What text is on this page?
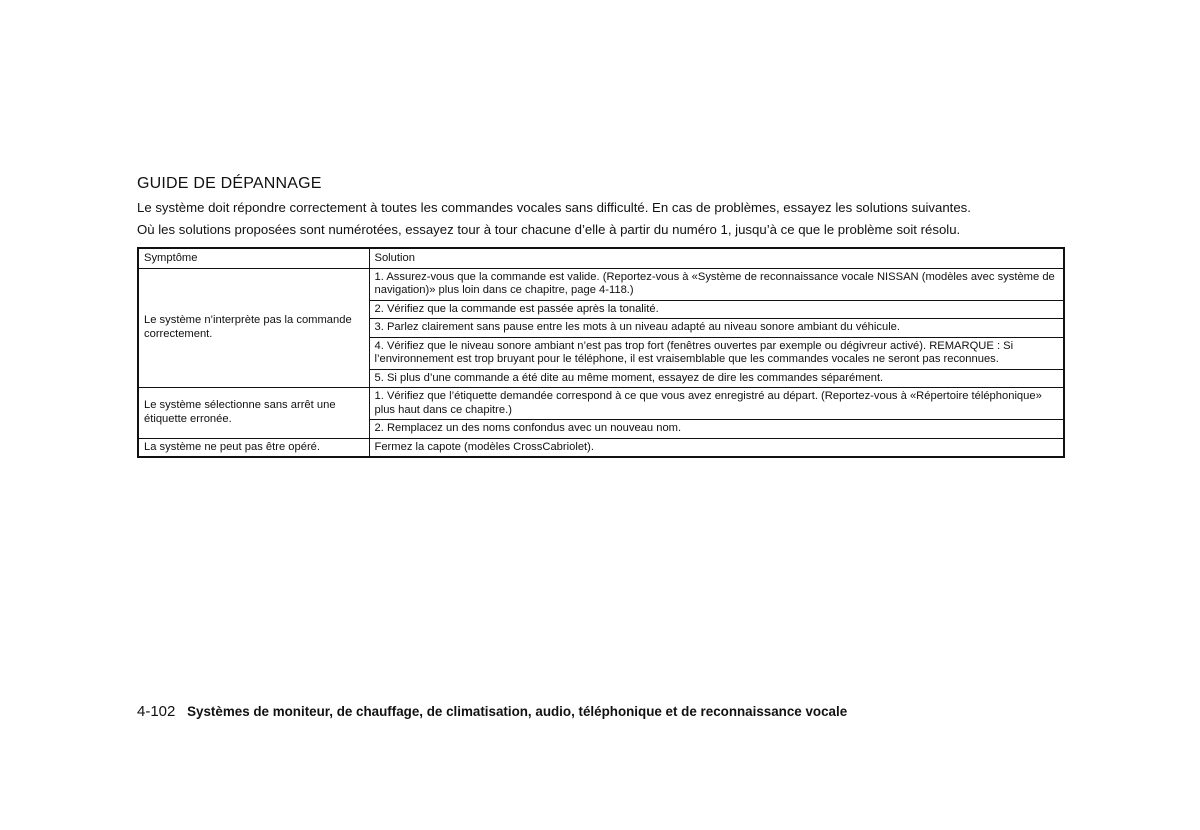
GUIDE DE DÉPANNAGE

Le système doit répondre correctement à toutes les commandes vocales sans difficulté. En cas de problèmes, essayez les solutions suivantes.

Où les solutions proposées sont numérotées, essayez tour à tour chacune d’elle à partir du numéro 1, jusqu’à ce que le problème soit résolu.

Symptôme	Solution
Le système n’interprète pas la commande correctement.	1. Assurez-vous que la commande est valide. (Reportez-vous à «Système de reconnaissance vocale NISSAN (modèles avec système de navigation)» plus loin dans ce chapitre, page 4-118.)
	2. Vérifiez que la commande est passée après la tonalité.
	3. Parlez clairement sans pause entre les mots à un niveau adapté au niveau sonore ambiant du véhicule.
	4. Vérifiez que le niveau sonore ambiant n’est pas trop fort (fenêtres ouvertes par exemple ou dégivreur activé). REMARQUE : Si l’environnement est trop bruyant pour le téléphone, il est vraisemblable que les commandes vocales ne seront pas reconnues.
	5. Si plus d’une commande a été dite au même moment, essayez de dire les commandes séparément.
Le système sélectionne sans arrêt une étiquette erronée.	1. Vérifiez que l’étiquette demandée correspond à ce que vous avez enregistré au départ. (Reportez-vous à «Répertoire téléphonique» plus haut dans ce chapitre.)
	2. Remplacez un des noms confondus avec un nouveau nom.
La système ne peut pas être opéré.	Fermez la capote (modèles CrossCabriolet).
4-102 Systèmes de moniteur, de chauffage, de climatisation, audio, téléphonique et de reconnaissance vocale
